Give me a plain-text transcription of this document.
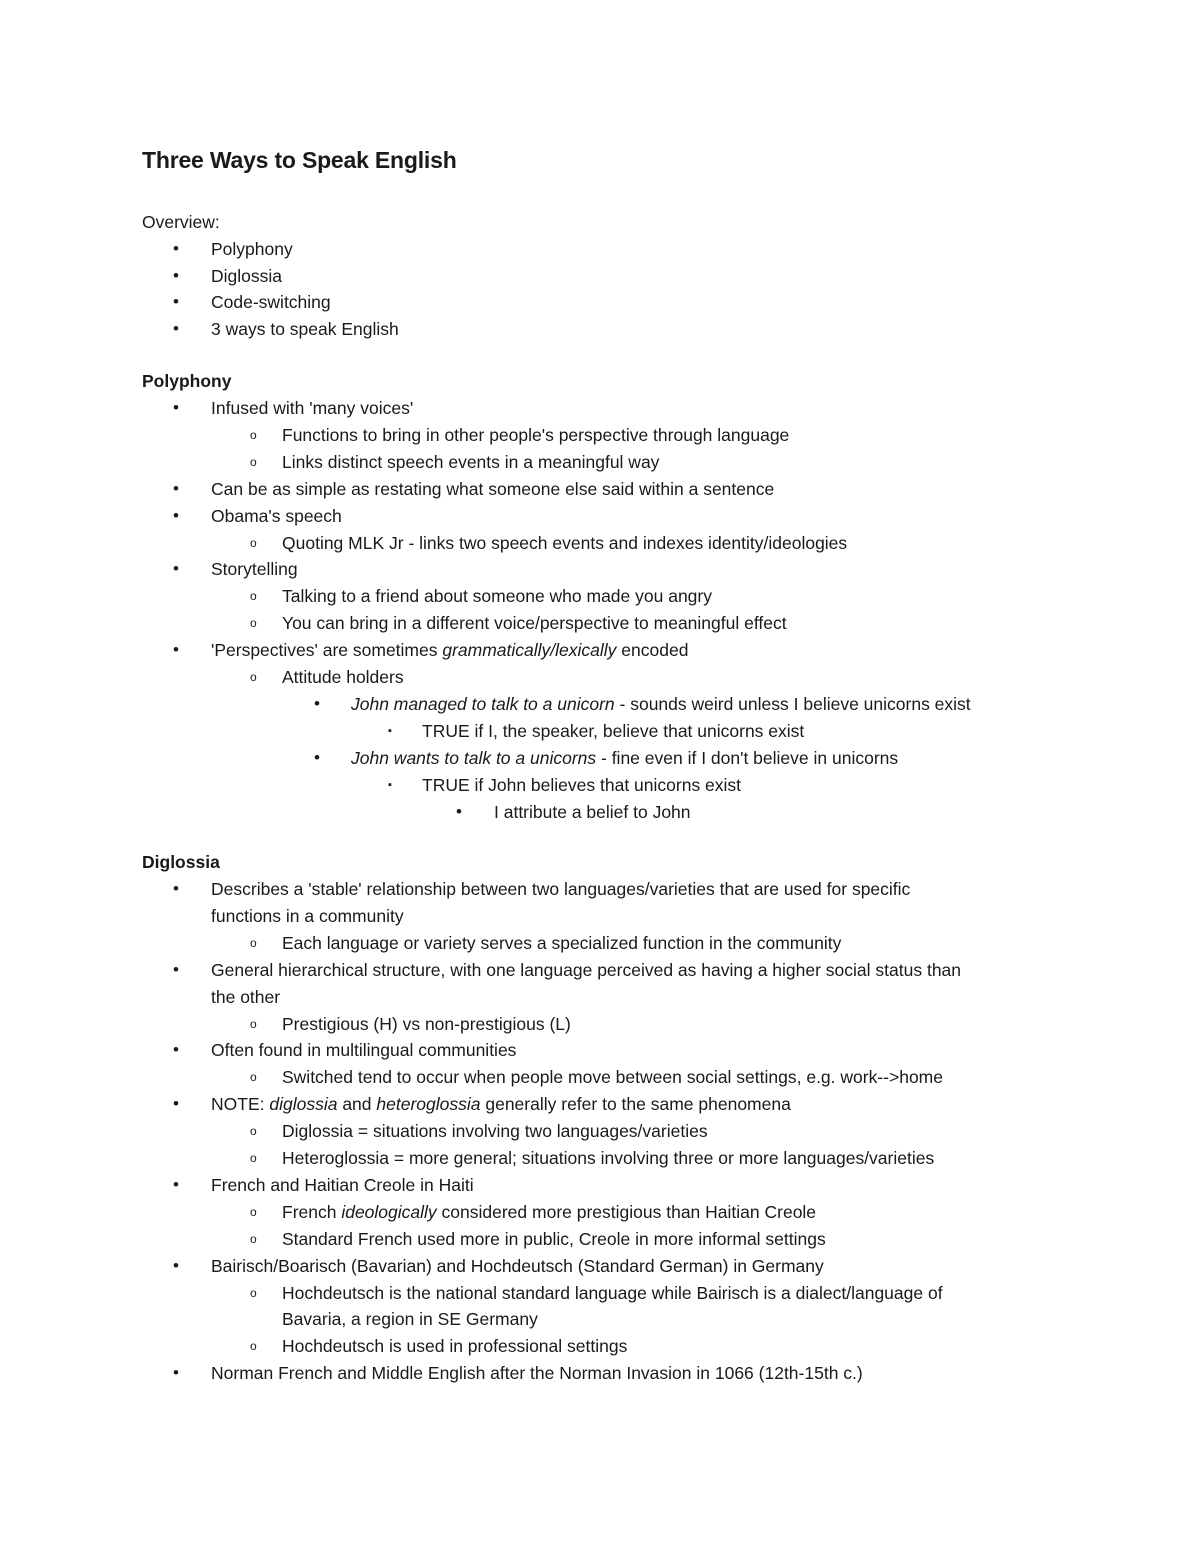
Three Ways to Speak English
Overview:
• Polyphony
• Diglossia
• Code-switching
• 3 ways to speak English
Polyphony
• Infused with 'many voices'
o Functions to bring in other people's perspective through language
o Links distinct speech events in a meaningful way
• Can be as simple as restating what someone else said within a sentence
• Obama's speech
o Quoting MLK Jr - links two speech events and indexes identity/ideologies
• Storytelling
o Talking to a friend about someone who made you angry
o You can bring in a different voice/perspective to meaningful effect
• 'Perspectives' are sometimes grammatically/lexically encoded
o Attitude holders
• John managed to talk to a unicorn - sounds weird unless I believe unicorns exist
▪ TRUE if I, the speaker, believe that unicorns exist
• John wants to talk to a unicorns - fine even if I don't believe in unicorns
▪ TRUE if John believes that unicorns exist
• I attribute a belief to John
Diglossia
• Describes a 'stable' relationship between two languages/varieties that are used for specific
functions in a community
o Each language or variety serves a specialized function in the community
• General hierarchical structure, with one language perceived as having a higher social status than
the other
o Prestigious (H) vs non-prestigious (L)
• Often found in multilingual communities
o Switched tend to occur when people move between social settings, e.g. work-->home
• NOTE: diglossia and heteroglossia generally refer to the same phenomena
o Diglossia = situations involving two languages/varieties
o Heteroglossia = more general; situations involving three or more languages/varieties
• French and Haitian Creole in Haiti
o French ideologically considered more prestigious than Haitian Creole
o Standard French used more in public, Creole in more informal settings
• Bairisch/Boarisch (Bavarian) and Hochdeutsch (Standard German) in Germany
o Hochdeutsch is the national standard language while Bairisch is a dialect/language of
Bavaria, a region in SE Germany
o Hochdeutsch is used in professional settings
• Norman French and Middle English after the Norman Invasion in 1066 (12th-15th c.)
